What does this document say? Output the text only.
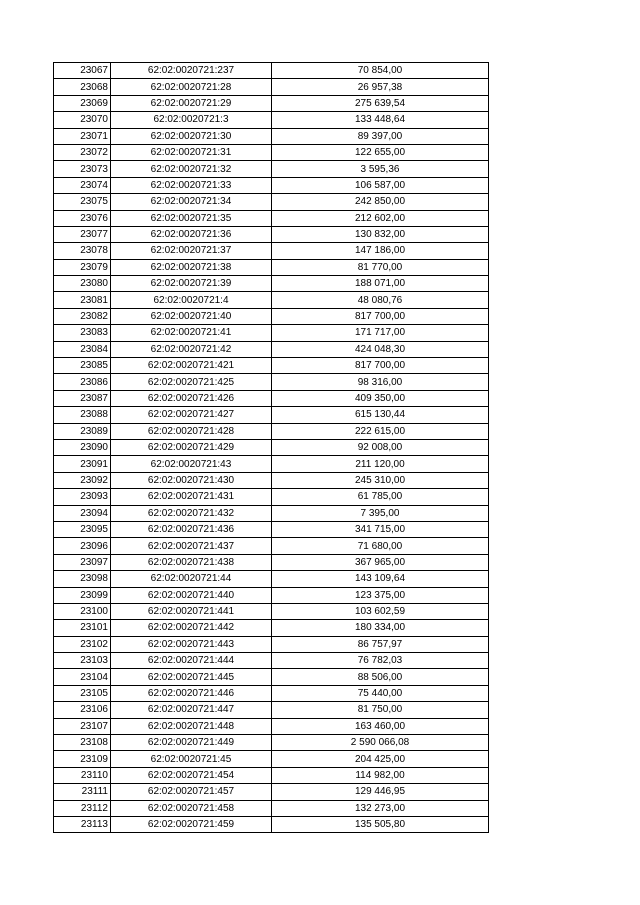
23067	62:02:0020721:237	70 854,00
23068	62:02:0020721:28	26 957,38
23069	62:02:0020721:29	275 639,54
23070	62:02:0020721:3	133 448,64
23071	62:02:0020721:30	89 397,00
23072	62:02:0020721:31	122 655,00
23073	62:02:0020721:32	3 595,36
23074	62:02:0020721:33	106 587,00
23075	62:02:0020721:34	242 850,00
23076	62:02:0020721:35	212 602,00
23077	62:02:0020721:36	130 832,00
23078	62:02:0020721:37	147 186,00
23079	62:02:0020721:38	81 770,00
23080	62:02:0020721:39	188 071,00
23081	62:02:0020721:4	48 080,76
23082	62:02:0020721:40	817 700,00
23083	62:02:0020721:41	171 717,00
23084	62:02:0020721:42	424 048,30
23085	62:02:0020721:421	817 700,00
23086	62:02:0020721:425	98 316,00
23087	62:02:0020721:426	409 350,00
23088	62:02:0020721:427	615 130,44
23089	62:02:0020721:428	222 615,00
23090	62:02:0020721:429	92 008,00
23091	62:02:0020721:43	211 120,00
23092	62:02:0020721:430	245 310,00
23093	62:02:0020721:431	61 785,00
23094	62:02:0020721:432	7 395,00
23095	62:02:0020721:436	341 715,00
23096	62:02:0020721:437	71 680,00
23097	62:02:0020721:438	367 965,00
23098	62:02:0020721:44	143 109,64
23099	62:02:0020721:440	123 375,00
23100	62:02:0020721:441	103 602,59
23101	62:02:0020721:442	180 334,00
23102	62:02:0020721:443	86 757,97
23103	62:02:0020721:444	76 782,03
23104	62:02:0020721:445	88 506,00
23105	62:02:0020721:446	75 440,00
23106	62:02:0020721:447	81 750,00
23107	62:02:0020721:448	163 460,00
23108	62:02:0020721:449	2 590 066,08
23109	62:02:0020721:45	204 425,00
23110	62:02:0020721:454	114 982,00
23111	62:02:0020721:457	129 446,95
23112	62:02:0020721:458	132 273,00
23113	62:02:0020721:459	135 505,80
